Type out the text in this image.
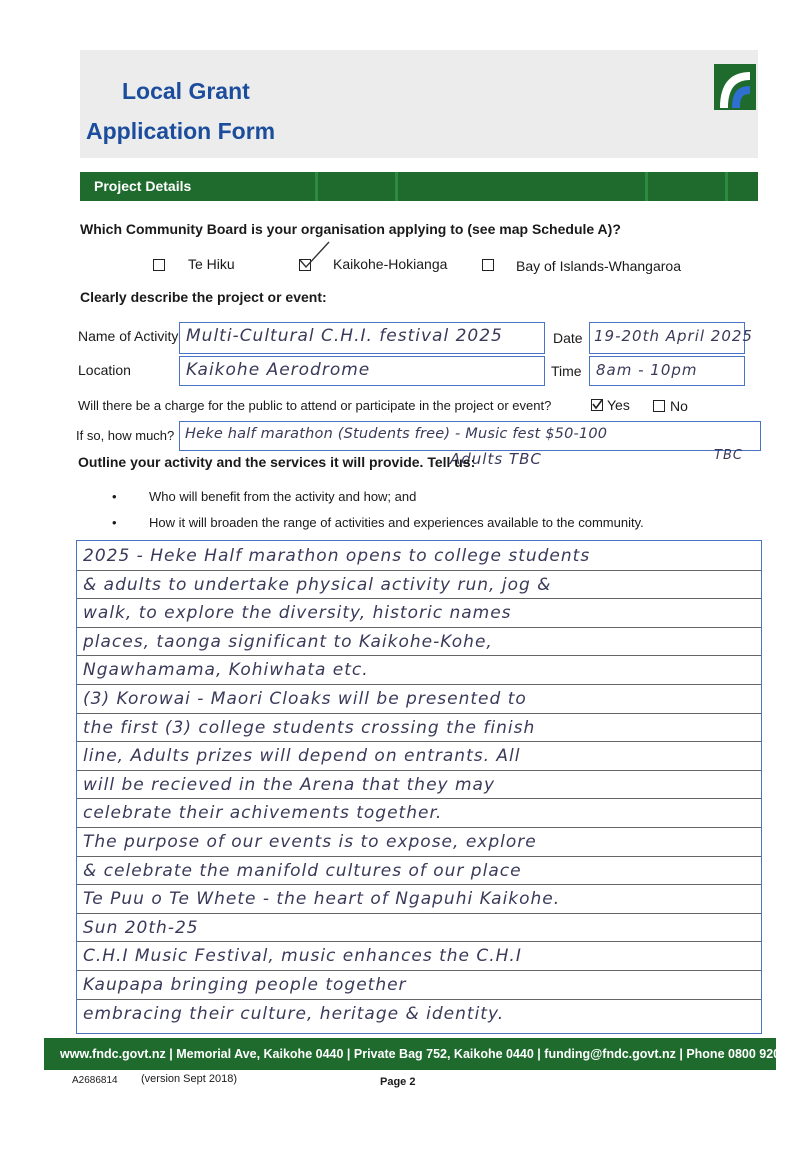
Local Grant
Application Form
Project Details
Which Community Board is your organisation applying to (see map Schedule A)?
Te Hiku	Kaikohe-Hokianga	Bay of Islands-Whangaroa
Clearly describe the project or event:
Name of Activity Multi-Cultural C.H.I. festival 2025	Date 19-20th April 2025
Location	Kaikohe Aerodrome	Time 8am - 10pm
Will there be a charge for the public to attend or participate in the project or event?	Yes	No
If so, how much? Heke half marathon (Students free) - Music fest $50-100
Adults TBC	TBC
Outline your activity and the services it will provide. Tell us:
• Who will benefit from the activity and how; and
• How it will broaden the range of activities and experiences available to the community.
2025 - Heke Half marathon opens to college students
& adults to undertake physical activity run, jog &
walk, to explore the diversity, historic names
places, taonga significant to Kaikohe-Kohe,
Ngawhamama, Kohiwhata etc.
(3) Korowai - Maori Cloaks will be presented to
the first (3) college students crossing the finish
line, Adults prizes will depend on entrants. All
will be recieved in the Arena that they may
celebrate their achivements together.
The purpose of our events is to expose, explore
& celebrate the manifold cultures of our place
Te Puu o Te Whete - the heart of Ngapuhi Kaikohe.
Sun 20th-25
C.H.I Music Festival, music enhances the C.H.I
Kaupapa bringing people together
embracing their culture, heritage & identity.
www.fndc.govt.nz | Memorial Ave, Kaikohe 0440 | Private Bag 752, Kaikohe 0440 | funding@fndc.govt.nz | Phone 0800 920 029
A2686814 (version Sept 2018)	Page 2
